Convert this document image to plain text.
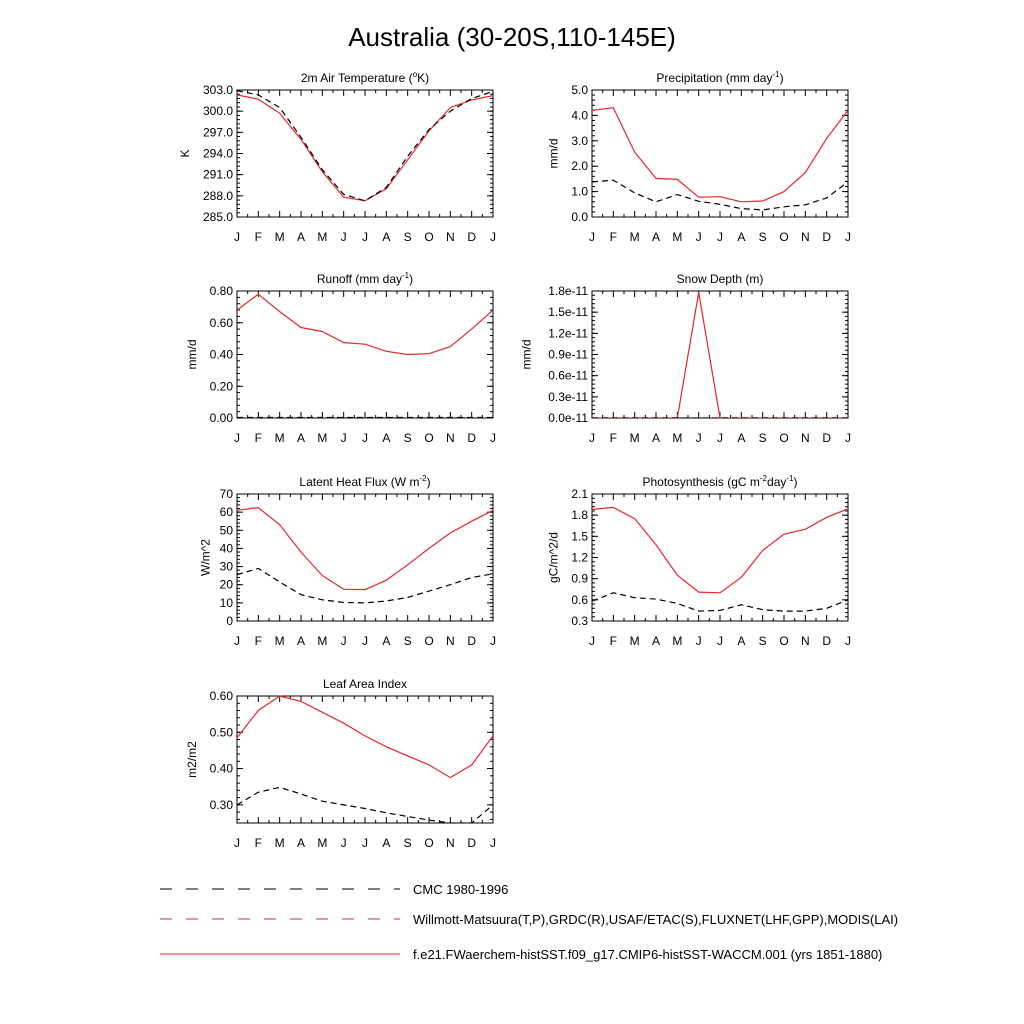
Australia (30-20S,110-145E)
2m Air Temperature (oK)
J F M A M J J A S O N D J
303.0
300.0
297.0
294.0
291.0
288.0
285.0
K
Precipitation (mm day-1)
J F M A M J J A S O N D J
5.0
4.0
3.0
2.0
1.0
0.0
mm/d
Runoff (mm day-1)
J F M A M J J A S O N D J
0.80
0.60
0.40
0.20
0.00
mm/d
Snow Depth (m)
J F M A M J J A S O N D J
1.8e-11
1.5e-11
1.2e-11
0.9e-11
0.6e-11
0.3e-11
0.0e-11
mm/d
Latent Heat Flux (W m-2)
J F M A M J J A S O N D J
70
60
50
40
30
20
10
0
W/m^2
Photosynthesis (gC m-2day-1)
J F M A M J J A S O N D J
2.1
1.8
1.5
1.2
0.9
0.6
0.3
gC/m^2/d
Leaf Area Index
J F M A M J J A S O N D J
0.60
0.50
0.40
0.30
m2/m2
CMC 1980-1996
Willmott-Matsuura(T,P),GRDC(R),USAF/ETAC(S),FLUXNET(LHF,GPP),MODIS(LAI)
f.e21.FWaerchem-histSST.f09_g17.CMIP6-histSST-WACCM.001 (yrs 1851-1880)
